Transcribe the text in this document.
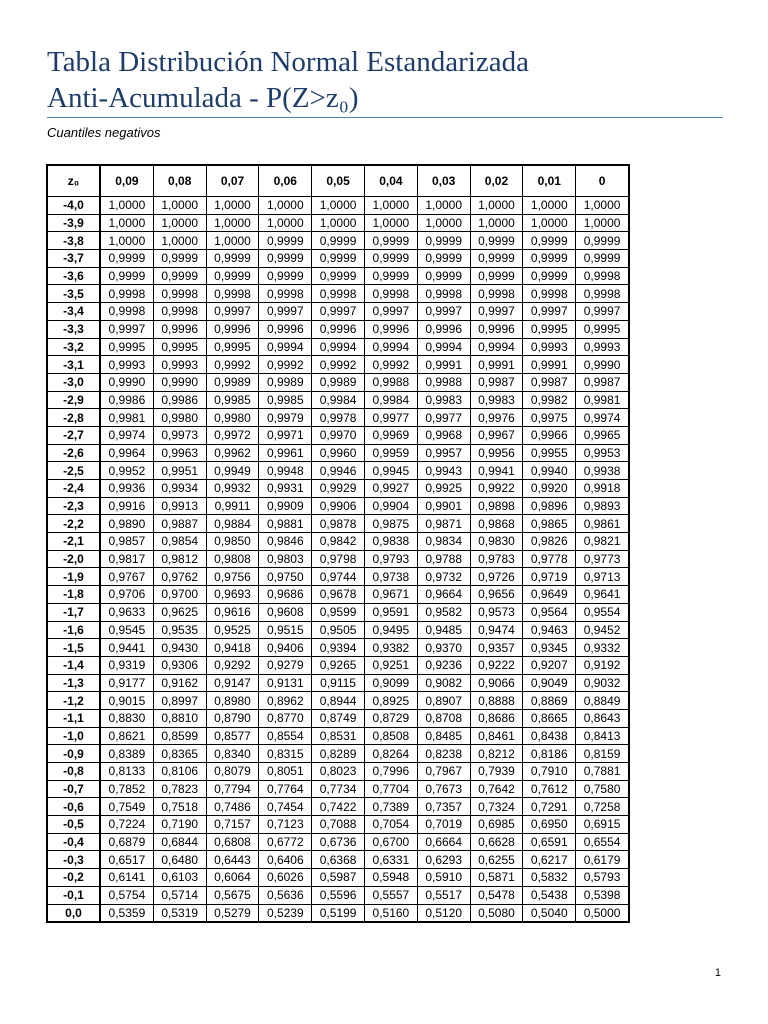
Tabla Distribución Normal Estandarizada
Anti-Acumulada - P(Z>z₀)
Cuantiles negativos
z₀	0,09	0,08	0,07	0,06	0,05	0,04	0,03	0,02	0,01	0
-4,0	1,0000	1,0000	1,0000	1,0000	1,0000	1,0000	1,0000	1,0000	1,0000	1,0000
-3,9	1,0000	1,0000	1,0000	1,0000	1,0000	1,0000	1,0000	1,0000	1,0000	1,0000
-3,8	1,0000	1,0000	1,0000	0,9999	0,9999	0,9999	0,9999	0,9999	0,9999	0,9999
-3,7	0,9999	0,9999	0,9999	0,9999	0,9999	0,9999	0,9999	0,9999	0,9999	0,9999
-3,6	0,9999	0,9999	0,9999	0,9999	0,9999	0,9999	0,9999	0,9999	0,9999	0,9998
-3,5	0,9998	0,9998	0,9998	0,9998	0,9998	0,9998	0,9998	0,9998	0,9998	0,9998
-3,4	0,9998	0,9998	0,9997	0,9997	0,9997	0,9997	0,9997	0,9997	0,9997	0,9997
-3,3	0,9997	0,9996	0,9996	0,9996	0,9996	0,9996	0,9996	0,9996	0,9995	0,9995
-3,2	0,9995	0,9995	0,9995	0,9994	0,9994	0,9994	0,9994	0,9994	0,9993	0,9993
-3,1	0,9993	0,9993	0,9992	0,9992	0,9992	0,9992	0,9991	0,9991	0,9991	0,9990
-3,0	0,9990	0,9990	0,9989	0,9989	0,9989	0,9988	0,9988	0,9987	0,9987	0,9987
-2,9	0,9986	0,9986	0,9985	0,9985	0,9984	0,9984	0,9983	0,9983	0,9982	0,9981
-2,8	0,9981	0,9980	0,9980	0,9979	0,9978	0,9977	0,9977	0,9976	0,9975	0,9974
-2,7	0,9974	0,9973	0,9972	0,9971	0,9970	0,9969	0,9968	0,9967	0,9966	0,9965
-2,6	0,9964	0,9963	0,9962	0,9961	0,9960	0,9959	0,9957	0,9956	0,9955	0,9953
-2,5	0,9952	0,9951	0,9949	0,9948	0,9946	0,9945	0,9943	0,9941	0,9940	0,9938
-2,4	0,9936	0,9934	0,9932	0,9931	0,9929	0,9927	0,9925	0,9922	0,9920	0,9918
-2,3	0,9916	0,9913	0,9911	0,9909	0,9906	0,9904	0,9901	0,9898	0,9896	0,9893
-2,2	0,9890	0,9887	0,9884	0,9881	0,9878	0,9875	0,9871	0,9868	0,9865	0,9861
-2,1	0,9857	0,9854	0,9850	0,9846	0,9842	0,9838	0,9834	0,9830	0,9826	0,9821
-2,0	0,9817	0,9812	0,9808	0,9803	0,9798	0,9793	0,9788	0,9783	0,9778	0,9773
-1,9	0,9767	0,9762	0,9756	0,9750	0,9744	0,9738	0,9732	0,9726	0,9719	0,9713
-1,8	0,9706	0,9700	0,9693	0,9686	0,9678	0,9671	0,9664	0,9656	0,9649	0,9641
-1,7	0,9633	0,9625	0,9616	0,9608	0,9599	0,9591	0,9582	0,9573	0,9564	0,9554
-1,6	0,9545	0,9535	0,9525	0,9515	0,9505	0,9495	0,9485	0,9474	0,9463	0,9452
-1,5	0,9441	0,9430	0,9418	0,9406	0,9394	0,9382	0,9370	0,9357	0,9345	0,9332
-1,4	0,9319	0,9306	0,9292	0,9279	0,9265	0,9251	0,9236	0,9222	0,9207	0,9192
-1,3	0,9177	0,9162	0,9147	0,9131	0,9115	0,9099	0,9082	0,9066	0,9049	0,9032
-1,2	0,9015	0,8997	0,8980	0,8962	0,8944	0,8925	0,8907	0,8888	0,8869	0,8849
-1,1	0,8830	0,8810	0,8790	0,8770	0,8749	0,8729	0,8708	0,8686	0,8665	0,8643
-1,0	0,8621	0,8599	0,8577	0,8554	0,8531	0,8508	0,8485	0,8461	0,8438	0,8413
-0,9	0,8389	0,8365	0,8340	0,8315	0,8289	0,8264	0,8238	0,8212	0,8186	0,8159
-0,8	0,8133	0,8106	0,8079	0,8051	0,8023	0,7996	0,7967	0,7939	0,7910	0,7881
-0,7	0,7852	0,7823	0,7794	0,7764	0,7734	0,7704	0,7673	0,7642	0,7612	0,7580
-0,6	0,7549	0,7518	0,7486	0,7454	0,7422	0,7389	0,7357	0,7324	0,7291	0,7258
-0,5	0,7224	0,7190	0,7157	0,7123	0,7088	0,7054	0,7019	0,6985	0,6950	0,6915
-0,4	0,6879	0,6844	0,6808	0,6772	0,6736	0,6700	0,6664	0,6628	0,6591	0,6554
-0,3	0,6517	0,6480	0,6443	0,6406	0,6368	0,6331	0,6293	0,6255	0,6217	0,6179
-0,2	0,6141	0,6103	0,6064	0,6026	0,5987	0,5948	0,5910	0,5871	0,5832	0,5793
-0,1	0,5754	0,5714	0,5675	0,5636	0,5596	0,5557	0,5517	0,5478	0,5438	0,5398
0,0	0,5359	0,5319	0,5279	0,5239	0,5199	0,5160	0,5120	0,5080	0,5040	0,5000
1
